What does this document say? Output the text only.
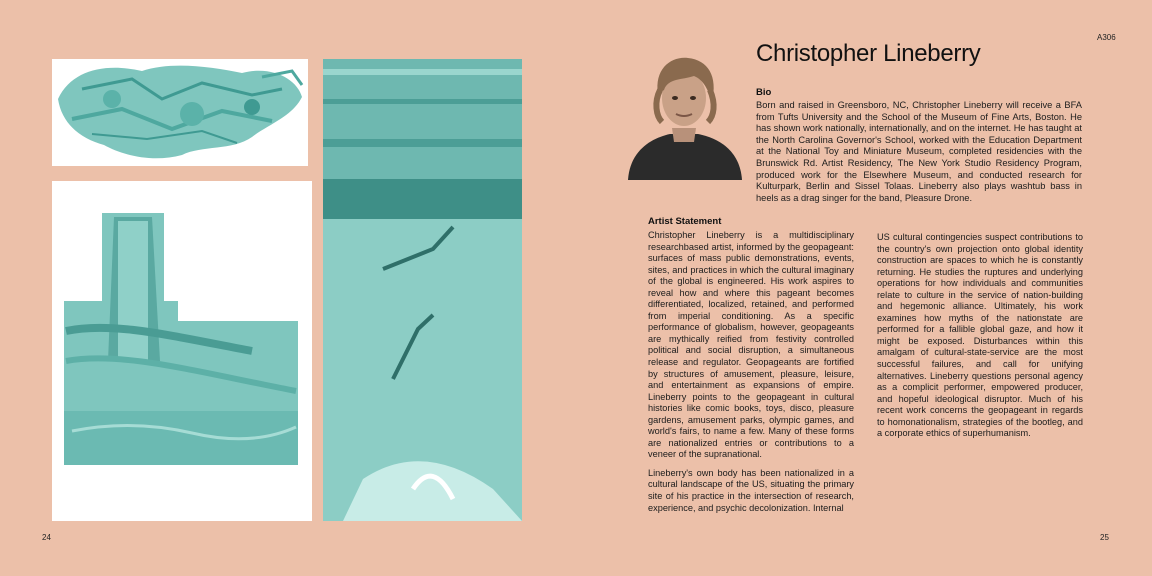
24
A306
Christopher Lineberry
Bio
Born and raised in Greensboro, NC, Christopher Lineberry will receive a BFA from Tufts University and the School of the Museum of Fine Arts, Boston. He has shown work nationally, internationally, and on the internet. He has taught at the North Carolina Governor's School, worked with the Education Department at the National Toy and Miniature Museum, completed residencies with the Brunswick Rd. Artist Residency, The New York Studio Residency Program, produced work for the Elsewhere Museum, and conducted research for Kulturpark, Berlin and Sissel Tolaas. Lineberry also plays washtub bass in heels as a drag singer for the band, Pleasure Drone.
Artist Statement

Christopher Lineberry is a multidisciplinary researchbased artist, informed by the geopageant: surfaces of mass public demonstrations, events, sites, and practices in which the cultural imaginary of the global is engineered. His work aspires to reveal how and where this pageant becomes differentiated, localized, retained, and performed from imperial conditioning. As a specific performance of globalism, however, geopageants are mythically reified from festivity controlled political and social disruption, a simultaneous release and regulator. Geopageants are fortified by structures of amusement, pleasure, leisure, and entertainment as expansions of empire. Lineberry points to the geopageant in cultural histories like comic books, toys, disco, pleasure gardens, amusement parks, olympic games, and world's fairs, to name a few. Many of these forms are nationalized entries or contributions to a veneer of the supranational.

Lineberry's own body has been nationalized in a cultural landscape of the US, situating the primary site of his practice in the intersection of research, experience, and psychic decolonization. Internal

US cultural contingencies suspect contributions to the country's own projection onto global identity construction are spaces to which he is constantly returning. He studies the ruptures and underlying operations for how individuals and communities relate to culture in the service of nation-building and hegemonic alliance. Ultimately, his work examines how myths of the nationstate are performed for a fallible global gaze, and how it might be exposed. Disturbances within this amalgam of cultural-state-service are the most successful failures, and call for unifying alternatives. Lineberry questions personal agency as a complicit performer, empowered producer, and hopeful ideological disruptor. Much of his recent work concerns the geopageant in regards to homonationalism, strategies of the bootleg, and a corporate ethics of superhumanism.

25
